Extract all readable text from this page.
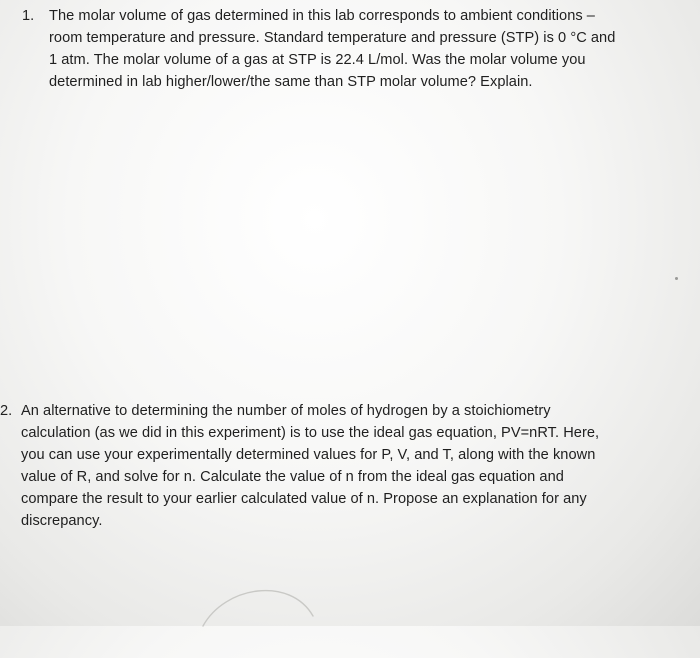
1. The molar volume of gas determined in this lab corresponds to ambient conditions –
room temperature and pressure. Standard temperature and pressure (STP) is 0 °C and
1 atm. The molar volume of a gas at STP is 22.4 L/mol. Was the molar volume you
determined in lab higher/lower/the same than STP molar volume? Explain.
2. An alternative to determining the number of moles of hydrogen by a stoichiometry
calculation (as we did in this experiment) is to use the ideal gas equation, PV=nRT. Here,
you can use your experimentally determined values for P, V, and T, along with the known
value of R, and solve for n. Calculate the value of n from the ideal gas equation and
compare the result to your earlier calculated value of n. Propose an explanation for any
discrepancy.
